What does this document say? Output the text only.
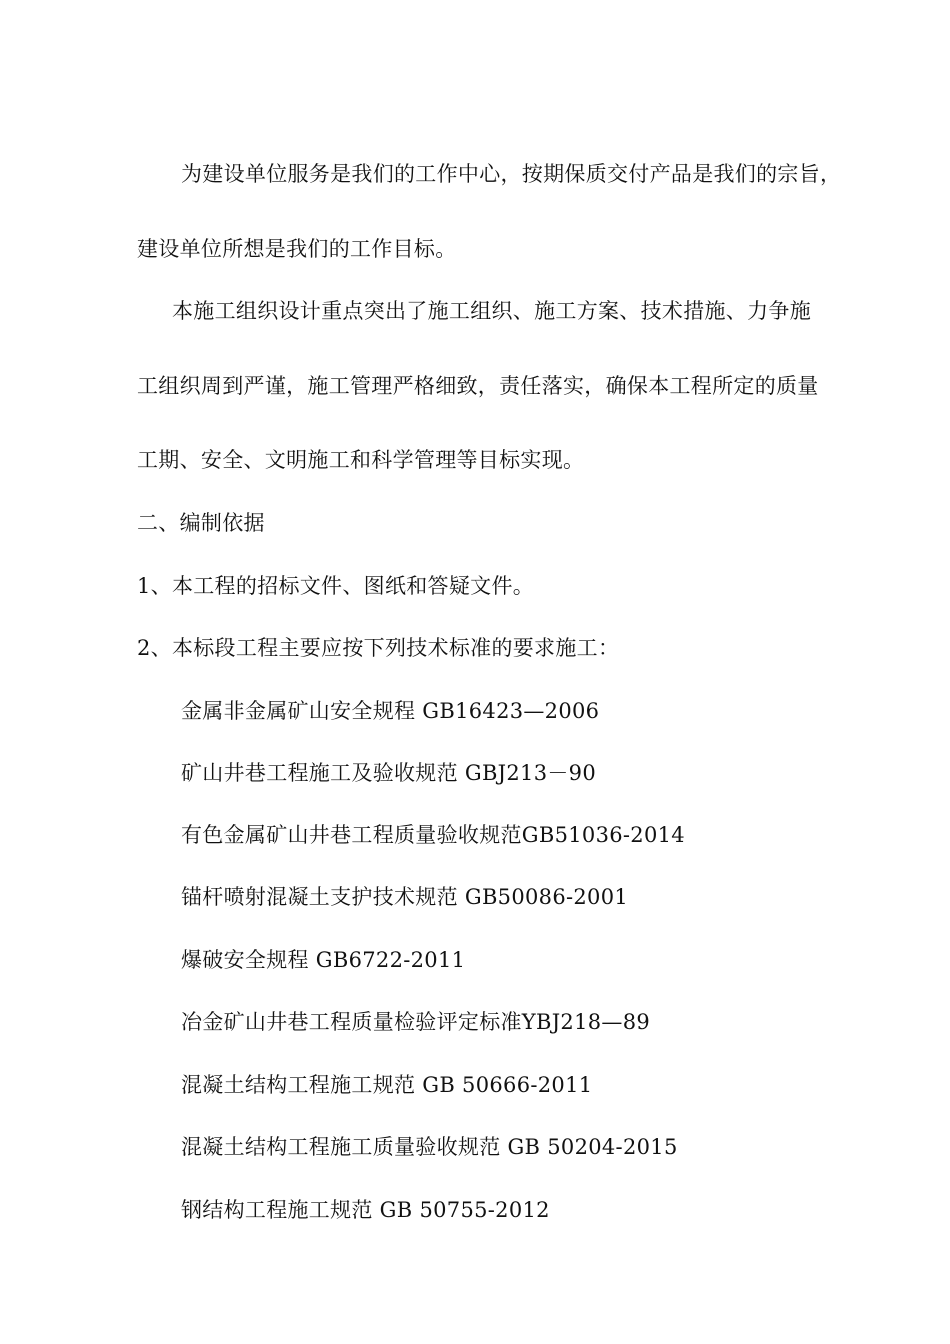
为建设单位服务是我们的工作中心，按期保质交付产品是我们的宗旨，
建设单位所想是我们的工作目标。
本施工组织设计重点突出了施工组织、施工方案、技术措施、力争施
工组织周到严谨，施工管理严格细致，责任落实，确保本工程所定的质量
工期、安全、文明施工和科学管理等目标实现。
二、编制依据
1、本工程的招标文件、图纸和答疑文件。
2、本标段工程主要应按下列技术标准的要求施工：
金属非金属矿山安全规程 GB16423—2006
矿山井巷工程施工及验收规范 GBJ213－90
有色金属矿山井巷工程质量验收规范GB51036-2014
锚杆喷射混凝土支护技术规范 GB50086-2001
爆破安全规程 GB6722-2011
冶金矿山井巷工程质量检验评定标准YBJ218—89
混凝土结构工程施工规范 GB 50666-2011
混凝土结构工程施工质量验收规范 GB 50204-2015
钢结构工程施工规范 GB 50755-2012
